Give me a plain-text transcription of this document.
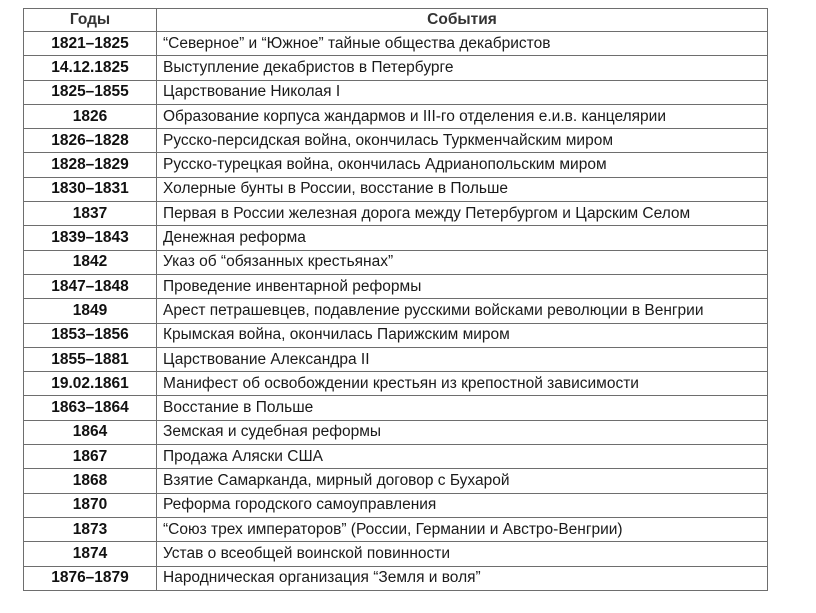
Годы	События
1821–1825	“Северное” и “Южное” тайные общества декабристов
14.12.1825	Выступление декабристов в Петербурге
1825–1855	Царствование Николая I
1826	Образование корпуса жандармов и III-го отделения е.и.в. канцелярии
1826–1828	Русско-персидская война, окончилась Туркменчайским миром
1828–1829	Русско-турецкая война, окончилась Адрианопольским миром
1830–1831	Холерные бунты в России, восстание в Польше
1837	Первая в России железная дорога между Петербургом и Царским Селом
1839–1843	Денежная реформа
1842	Указ об “обязанных крестьянах”
1847–1848	Проведение инвентарной реформы
1849	Арест петрашевцев, подавление русскими войсками революции в Венгрии
1853–1856	Крымская война, окончилась Парижским миром
1855–1881	Царствование Александра II
19.02.1861	Манифест об освобождении крестьян из крепостной зависимости
1863–1864	Восстание в Польше
1864	Земская и судебная реформы
1867	Продажа Аляски США
1868	Взятие Самарканда, мирный договор с Бухарой
1870	Реформа городского самоуправления
1873	“Союз трех императоров” (России, Германии и Австро-Венгрии)
1874	Устав о всеобщей воинской повинности
1876–1879	Народническая организация “Земля и воля”
